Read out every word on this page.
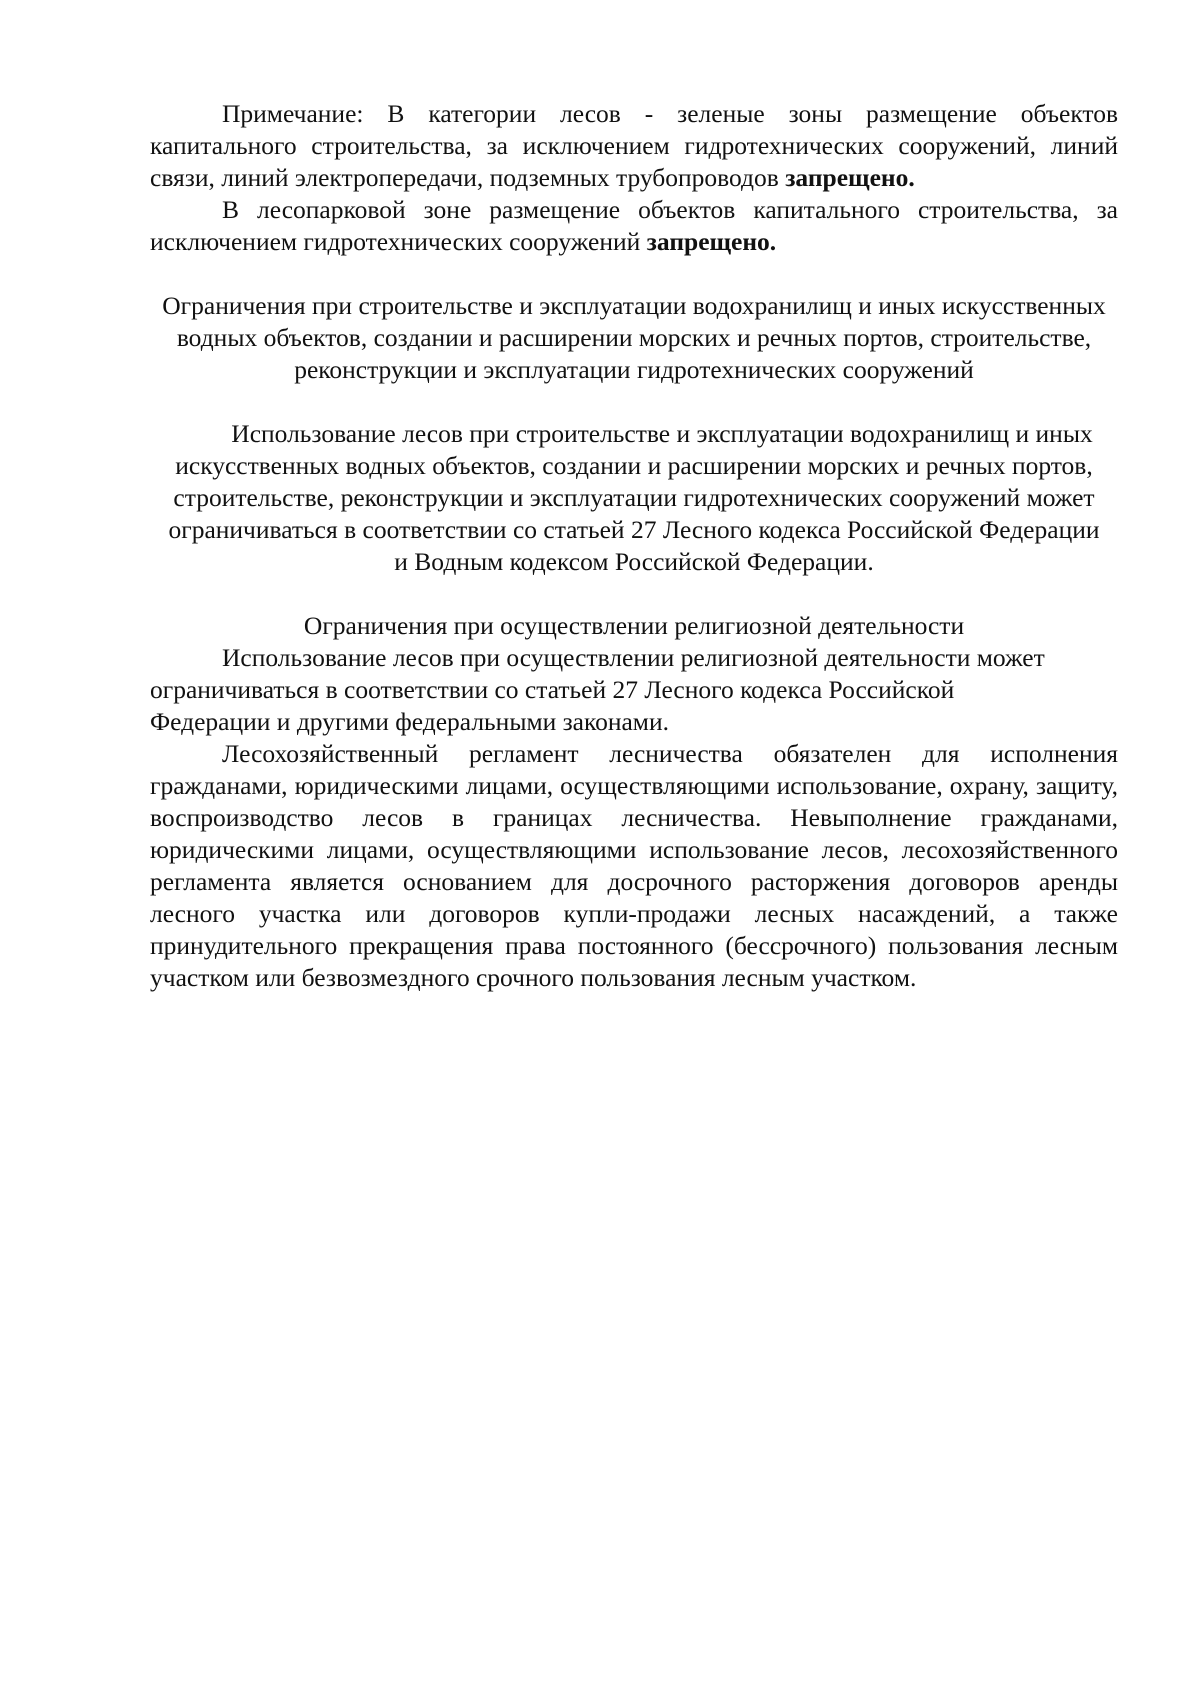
Примечание: В категории лесов - зеленые зоны размещение объектов капитального строительства, за исключением гидротехнических сооружений, линий связи, линий электропередачи, подземных трубопроводов запрещено.

В лесопарковой зоне размещение объектов капитального строительства, за исключением гидротехнических сооружений запрещено.

Ограничения при строительстве и эксплуатации водохранилищ и иных искусственных водных объектов, создании и расширении морских и речных портов, строительстве, реконструкции и эксплуатации гидротехнических сооружений

Использование лесов при строительстве и эксплуатации водохранилищ и иных искусственных водных объектов, создании и расширении морских и речных портов, строительстве, реконструкции и эксплуатации гидротехнических сооружений может ограничиваться в соответствии со статьей 27 Лесного кодекса Российской Федерации и Водным кодексом Российской Федерации.

Ограничения при осуществлении религиозной деятельности

Использование лесов при осуществлении религиозной деятельности может ограничиваться в соответствии со статьей 27 Лесного кодекса Российской Федерации и другими федеральными законами.

Лесохозяйственный регламент лесничества обязателен для исполнения гражданами, юридическими лицами, осуществляющими использование, охрану, защиту, воспроизводство лесов в границах лесничества. Невыполнение гражданами, юридическими лицами, осуществляющими использование лесов, лесохозяйственного регламента является основанием для досрочного расторжения договоров аренды лесного участка или договоров купли-продажи лесных насаждений, а также принудительного прекращения права постоянного (бессрочного) пользования лесным участком или безвозмездного срочного пользования лесным участком.
